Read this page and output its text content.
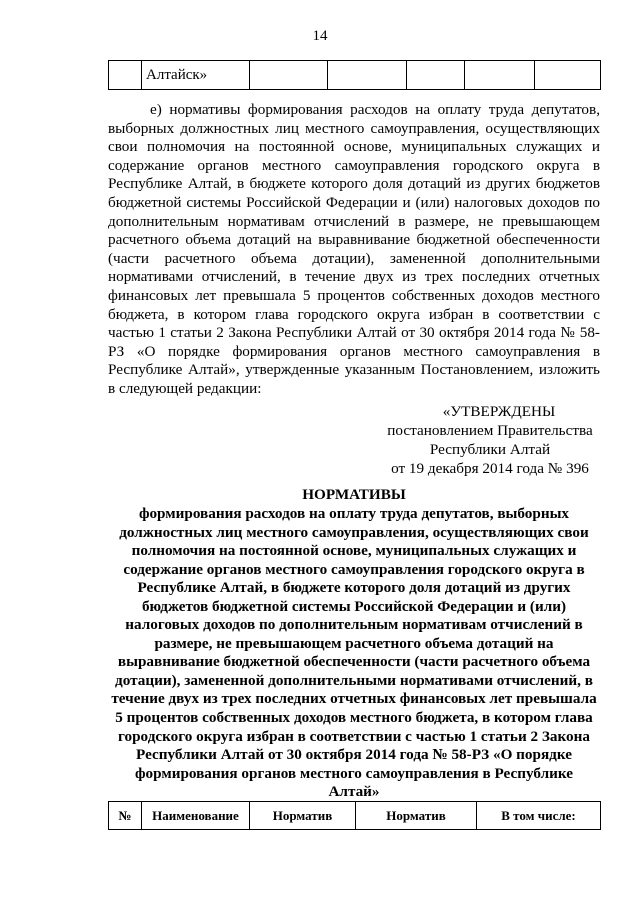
14
	Алтайск»					

е) нормативы формирования расходов на оплату труда депутатов, выборных должностных лиц местного самоуправления, осуществляющих свои полномочия на постоянной основе, муниципальных служащих и содержание органов местного самоуправления городского округа в Республике Алтай, в бюджете которого доля дотаций из других бюджетов бюджетной системы Российской Федерации и (или) налоговых доходов по дополнительным нормативам отчислений в размере, не превышающем расчетного объема дотаций на выравнивание бюджетной обеспеченности (части расчетного объема дотации), замененной дополнительными нормативами отчислений, в течение двух из трех последних отчетных финансовых лет превышала 5 процентов собственных доходов местного бюджета, в котором глава городского округа избран в соответствии с частью 1 статьи 2 Закона Республики Алтай от 30 октября 2014 года № 58-РЗ «О порядке формирования органов местного самоуправления в Республике Алтай», утвержденные указанным Постановлением, изложить в следующей редакции:

«УТВЕРЖДЕНЫ
постановлением Правительства
Республики Алтай
от 19 декабря 2014 года № 396

НОРМАТИВЫ

формирования расходов на оплату труда депутатов, выборных должностных лиц местного самоуправления, осуществляющих свои полномочия на постоянной основе, муниципальных служащих и содержание органов местного самоуправления городского округа в Республике Алтай, в бюджете которого доля дотаций из других бюджетов бюджетной системы Российской Федерации и (или) налоговых доходов по дополнительным нормативам отчислений в размере, не превышающем расчетного объема дотаций на выравнивание бюджетной обеспеченности (части расчетного объема дотации), замененной дополнительными нормативами отчислений, в течение двух из трех последних отчетных финансовых лет превышала 5 процентов собственных доходов местного бюджета, в котором глава городского округа избран в соответствии с частью 1 статьи 2 Закона Республики Алтай от 30 октября 2014 года № 58-РЗ «О порядке формирования органов местного самоуправления в Республике Алтай»

№	Наименование	Норматив	Норматив	В том числе:
